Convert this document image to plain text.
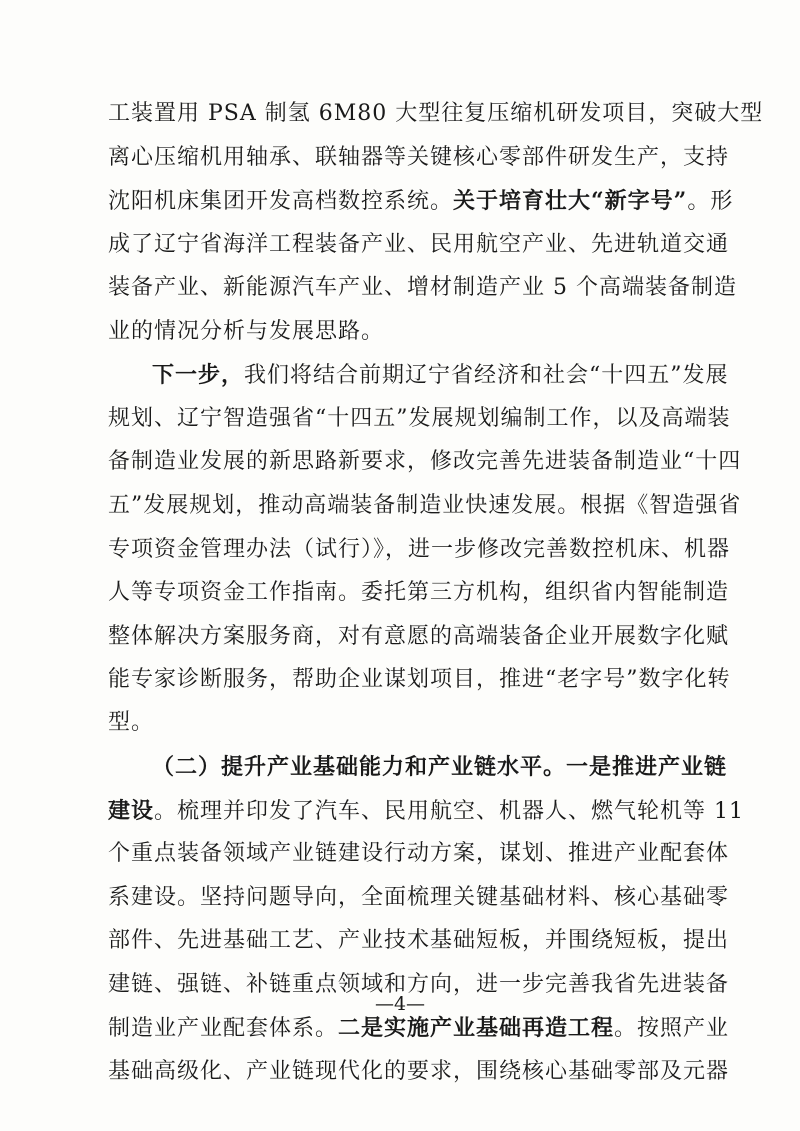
工装置用 PSA 制氢 6M80 大型往复压缩机研发项目，突破大型
离心压缩机用轴承、联轴器等关键核心零部件研发生产，支持
沈阳机床集团开发高档数控系统。关于培育壮大“新字号”。形
成了辽宁省海洋工程装备产业、民用航空产业、先进轨道交通
装备产业、新能源汽车产业、增材制造产业 5 个高端装备制造
业的情况分析与发展思路。
下一步，我们将结合前期辽宁省经济和社会“十四五”发展
规划、辽宁智造强省“十四五”发展规划编制工作，以及高端装
备制造业发展的新思路新要求，修改完善先进装备制造业“十四
五”发展规划，推动高端装备制造业快速发展。根据《智造强省
专项资金管理办法（试行）》，进一步修改完善数控机床、机器
人等专项资金工作指南。委托第三方机构，组织省内智能制造
整体解决方案服务商，对有意愿的高端装备企业开展数字化赋
能专家诊断服务，帮助企业谋划项目，推进“老字号”数字化转
型。
（二）提升产业基础能力和产业链水平。一是推进产业链
建设。梳理并印发了汽车、民用航空、机器人、燃气轮机等 11
个重点装备领域产业链建设行动方案，谋划、推进产业配套体
系建设。坚持问题导向，全面梳理关键基础材料、核心基础零
部件、先进基础工艺、产业技术基础短板，并围绕短板，提出
建链、强链、补链重点领域和方向，进一步完善我省先进装备
制造业产业配套体系。二是实施产业基础再造工程。按照产业
基础高级化、产业链现代化的要求，围绕核心基础零部及元器
—4—
